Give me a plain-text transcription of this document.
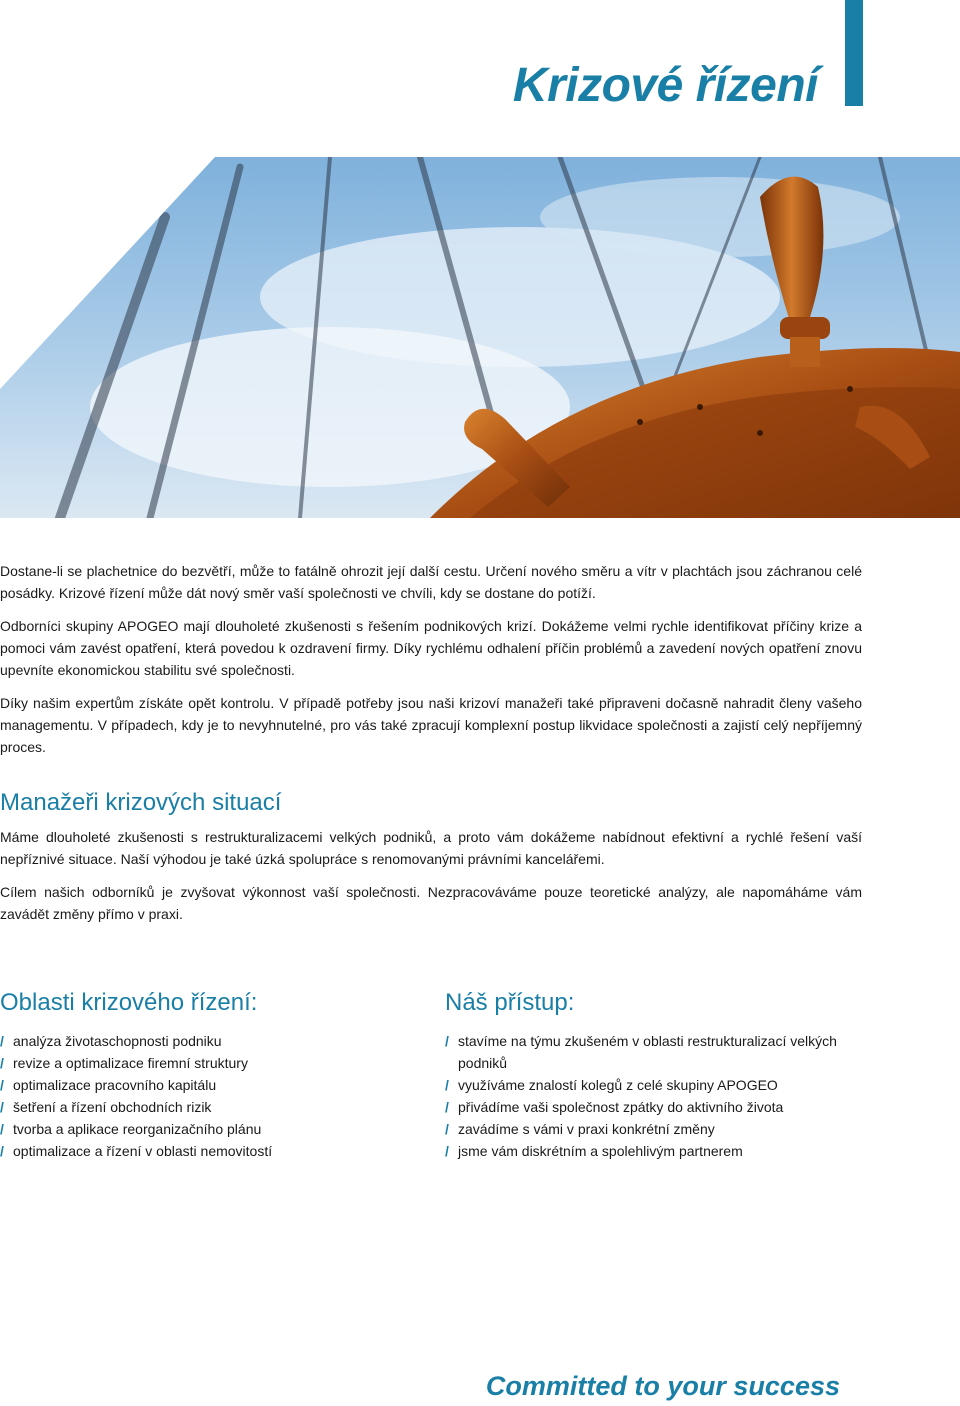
Krizové řízení

Dostane-li se plachetnice do bezvětří, může to fatálně ohrozit její další cestu. Určení nového směru a vítr v plachtách jsou záchranou celé posádky. Krizové řízení může dát nový směr vaší společnosti ve chvíli, kdy se dostane do potíží.

Odborníci skupiny APOGEO mají dlouholeté zkušenosti s řešením podnikových krizí. Dokážeme velmi rychle identifikovat příčiny krize a pomoci vám zavést opatření, která povedou k ozdravení firmy. Díky rychlému odhalení příčin problémů a zavedení nových opatření znovu upevníte ekonomickou stabilitu své společnosti.

Díky našim expertům získáte opět kontrolu. V případě potřeby jsou naši krizoví manažeři také připraveni dočasně nahradit členy vašeho managementu. V případech, kdy je to nevyhnutelné, pro vás také zpracují komplexní postup likvidace společnosti a zajistí celý nepříjemný proces.

Manažeři krizových situací

Máme dlouholeté zkušenosti s restrukturalizacemi velkých podniků, a proto vám dokážeme nabídnout efektivní a rychlé řešení vaší nepříznivé situace. Naší výhodou je také úzká spolupráce s renomovanými právními kancelářemi.

Cílem našich odborníků je zvyšovat výkonnost vaší společnosti. Nezpracováváme pouze teoretické analýzy, ale napomáháme vám zavádět změny přímo v praxi.

Oblasti krizového řízení:
/ analýza životaschopnosti podniku
/ revize a optimalizace firemní struktury
/ optimalizace pracovního kapitálu
/ šetření a řízení obchodních rizik
/ tvorba a aplikace reorganizačního plánu
/ optimalizace a řízení v oblasti nemovitostí
Náš přístup:
/ stavíme na týmu zkušeném v oblasti restrukturalizací velkých podniků
/ využíváme znalostí kolegů z celé skupiny APOGEO
/ přivádíme vaši společnost zpátky do aktivního života
/ zavádíme s vámi v praxi konkrétní změny
/ jsme vám diskrétním a spolehlivým partnerem

Committed to your success
